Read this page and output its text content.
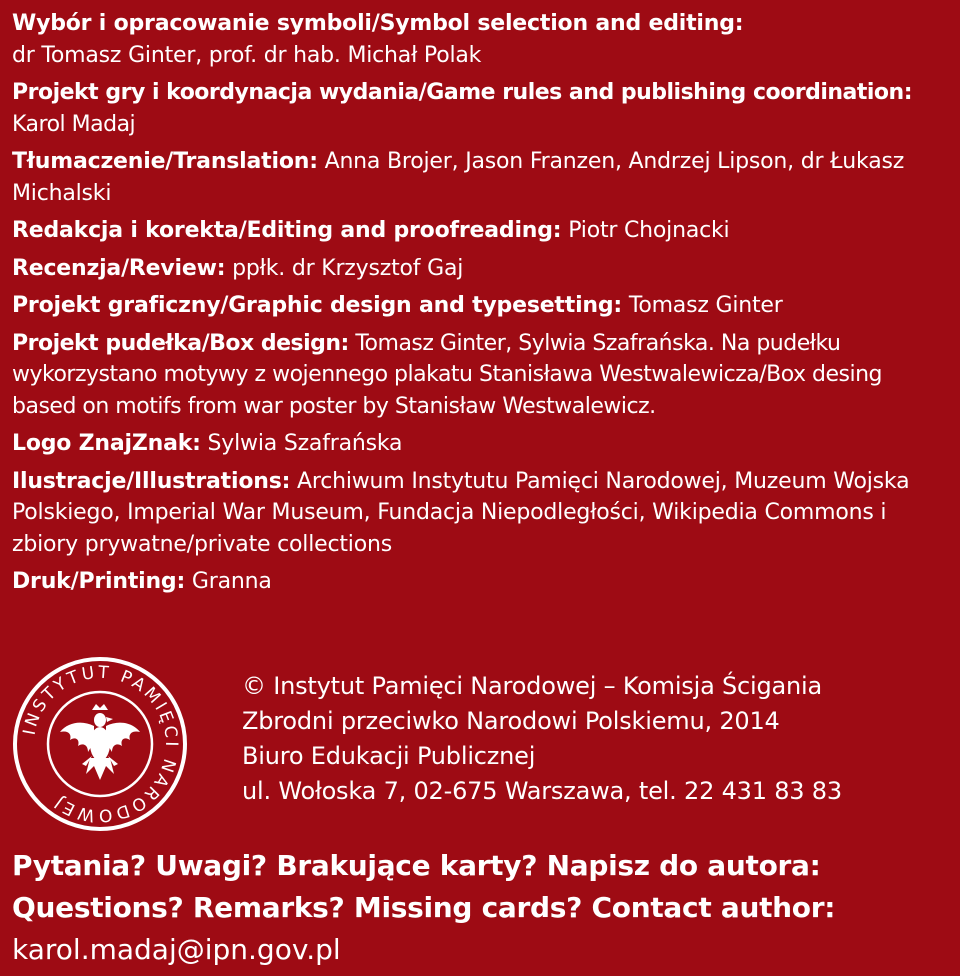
Wybór i opracowanie symboli/Symbol selection and editing:
dr Tomasz Ginter, prof. dr hab. Michał Polak

Projekt gry i koordynacja wydania/Game rules and publishing coordination:
Karol Madaj

Tłumaczenie/Translation: Anna Brojer, Jason Franzen, Andrzej Lipson, dr Łukasz Michalski

Redakcja i korekta/Editing and proofreading: Piotr Chojnacki

Recenzja/Review: ppłk. dr Krzysztof Gaj

Projekt graficzny/Graphic design and typesetting: Tomasz Ginter

Projekt pudełka/Box design: Tomasz Ginter, Sylwia Szafrańska. Na pudełku wykorzystano motywy z wojennego plakatu Stanisława Westwalewicza/Box desing based on motifs from war poster by Stanisław Westwalewicz.

Logo ZnajZnak: Sylwia Szafrańska

Ilustracje/Illustrations: Archiwum Instytutu Pamięci Narodowej, Muzeum Wojska Polskiego, Imperial War Museum, Fundacja Niepodległości, Wikipedia Commons i zbiory prywatne/private collections

Druk/Printing: Granna

INSTYTUT PAMIĘCI NARODOWEJ
© Instytut Pamięci Narodowej – Komisja Ścigania
Zbrodni przeciwko Narodowi Polskiemu, 2014
Biuro Edukacji Publicznej
ul. Wołoska 7, 02-675 Warszawa, tel. 22 431 83 83
Pytania? Uwagi? Brakujące karty? Napisz do autora:
Questions? Remarks? Missing cards? Contact author:
karol.madaj@ipn.gov.pl
